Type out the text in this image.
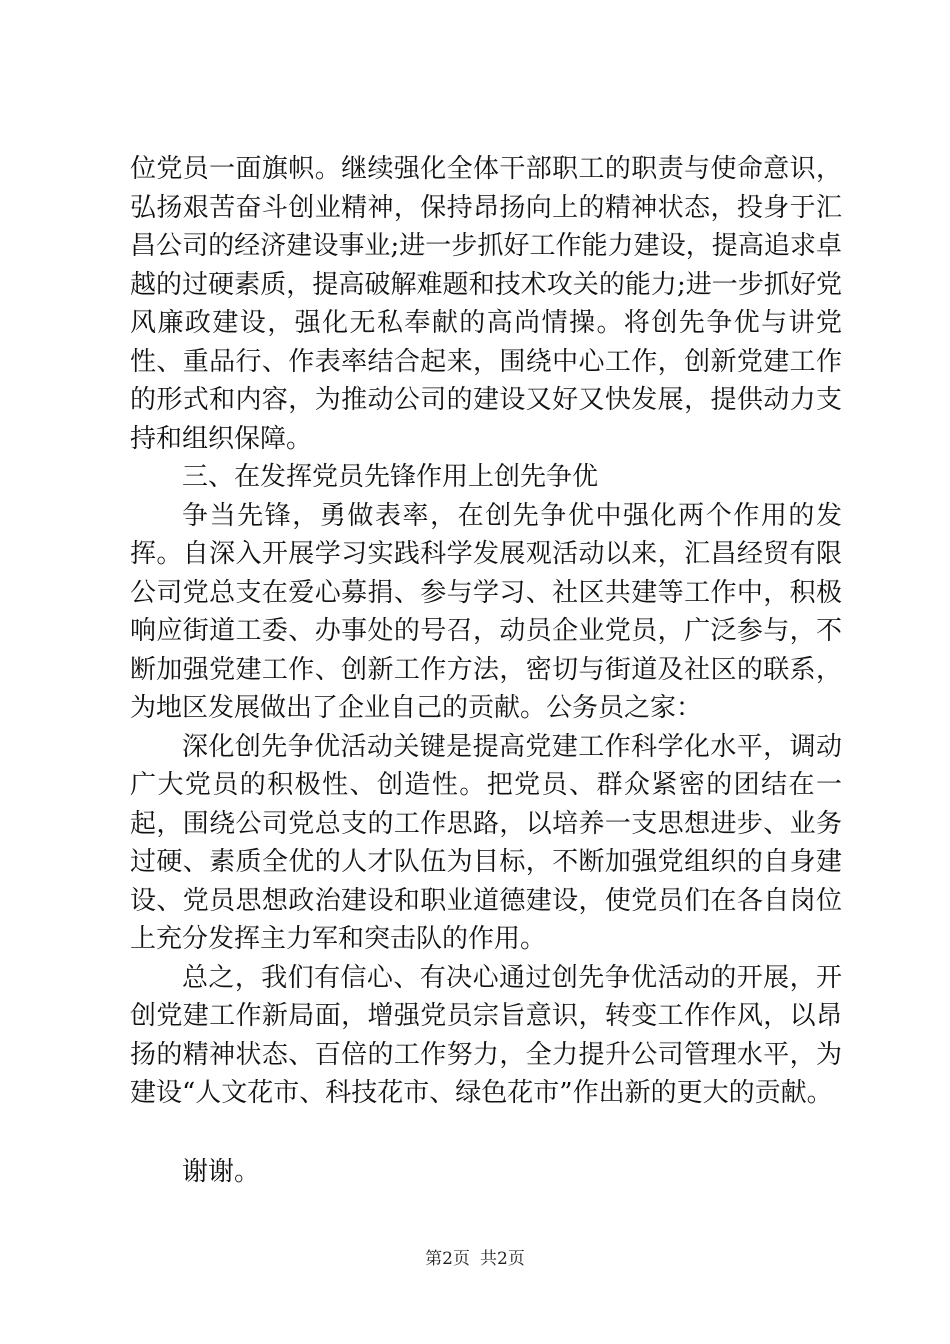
位党员一面旗帜。继续强化全体干部职工的职责与使命意识，弘扬艰苦奋斗创业精神，保持昂扬向上的精神状态，投身于汇昌公司的经济建设事业;进一步抓好工作能力建设，提高追求卓越的过硬素质，提高破解难题和技术攻关的能力;进一步抓好党风廉政建设，强化无私奉献的高尚情操。将创先争优与讲党性、重品行、作表率结合起来，围绕中心工作，创新党建工作的形式和内容，为推动公司的建设又好又快发展，提供动力支持和组织保障。

三、在发挥党员先锋作用上创先争优

争当先锋，勇做表率，在创先争优中强化两个作用的发挥。自深入开展学习实践科学发展观活动以来，汇昌经贸有限公司党总支在爱心募捐、参与学习、社区共建等工作中，积极响应街道工委、办事处的号召，动员企业党员，广泛参与，不断加强党建工作、创新工作方法，密切与街道及社区的联系，为地区发展做出了企业自己的贡献。公务员之家：

深化创先争优活动关键是提高党建工作科学化水平，调动广大党员的积极性、创造性。把党员、群众紧密的团结在一起，围绕公司党总支的工作思路，以培养一支思想进步、业务过硬、素质全优的人才队伍为目标，不断加强党组织的自身建设、党员思想政治建设和职业道德建设，使党员们在各自岗位上充分发挥主力军和突击队的作用。

总之，我们有信心、有决心通过创先争优活动的开展，开创党建工作新局面，增强党员宗旨意识，转变工作作风，以昂扬的精神状态、百倍的工作努力，全力提升公司管理水平，为建设“人文花市、科技花市、绿色花市”作出新的更大的贡献。

谢谢。

第2页 共2页
